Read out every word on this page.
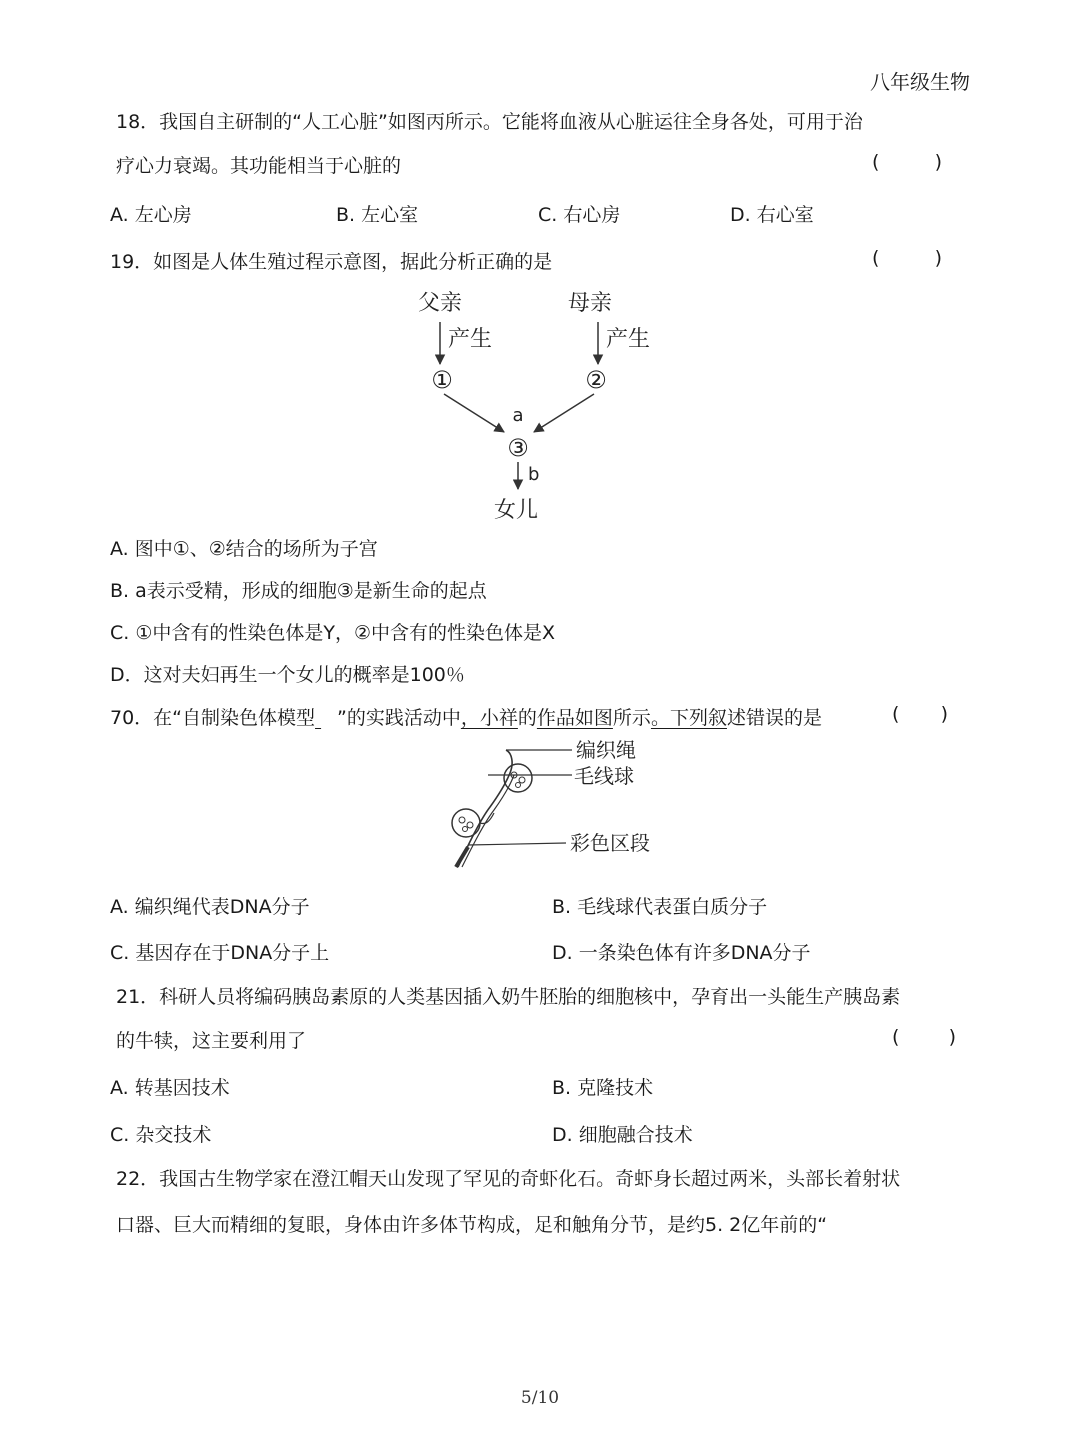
八年级生物
18．我国自主研制的“人工心脏”如图丙所示。它能将血液从心脏运往全身各处，可用于治
疗心力衰竭。其功能相当于心脏的	(	)
A. 左心房	B. 左心室	C. 右心房	D. 右心室
19．如图是人体生殖过程示意图，据此分析正确的是	(	)
父亲	母亲
产生	产生
①	②
a
③
b
女儿
A. 图中①、②结合的场所为子宫
B. a表示受精，形成的细胞③是新生命的起点
C. ①中含有的性染色体是Y，②中含有的性染色体是X
D．这对夫妇再生一个女儿的概率是100％
70．在“自制染色体模型 ”的实践活动中，小祥的作品如图所示。下列叙述错误的是	( )
编织绳
毛线球
彩色区段
A. 编织绳代表DNA分子	B. 毛线球代表蛋白质分子
C. 基因存在于DNA分子上	D. 一条染色体有许多DNA分子
21．科研人员将编码胰岛素原的人类基因插入奶牛胚胎的细胞核中，孕育出一头能生产胰岛素
的牛犊，这主要利用了	(	)
A. 转基因技术	B. 克隆技术
C. 杂交技术	D. 细胞融合技术
22．我国古生物学家在澄江帽天山发现了罕见的奇虾化石。奇虾身长超过两米，头部长着射状
口器、巨大而精细的复眼，身体由许多体节构成，足和触角分节，是约5. 2亿年前的“
5/10
